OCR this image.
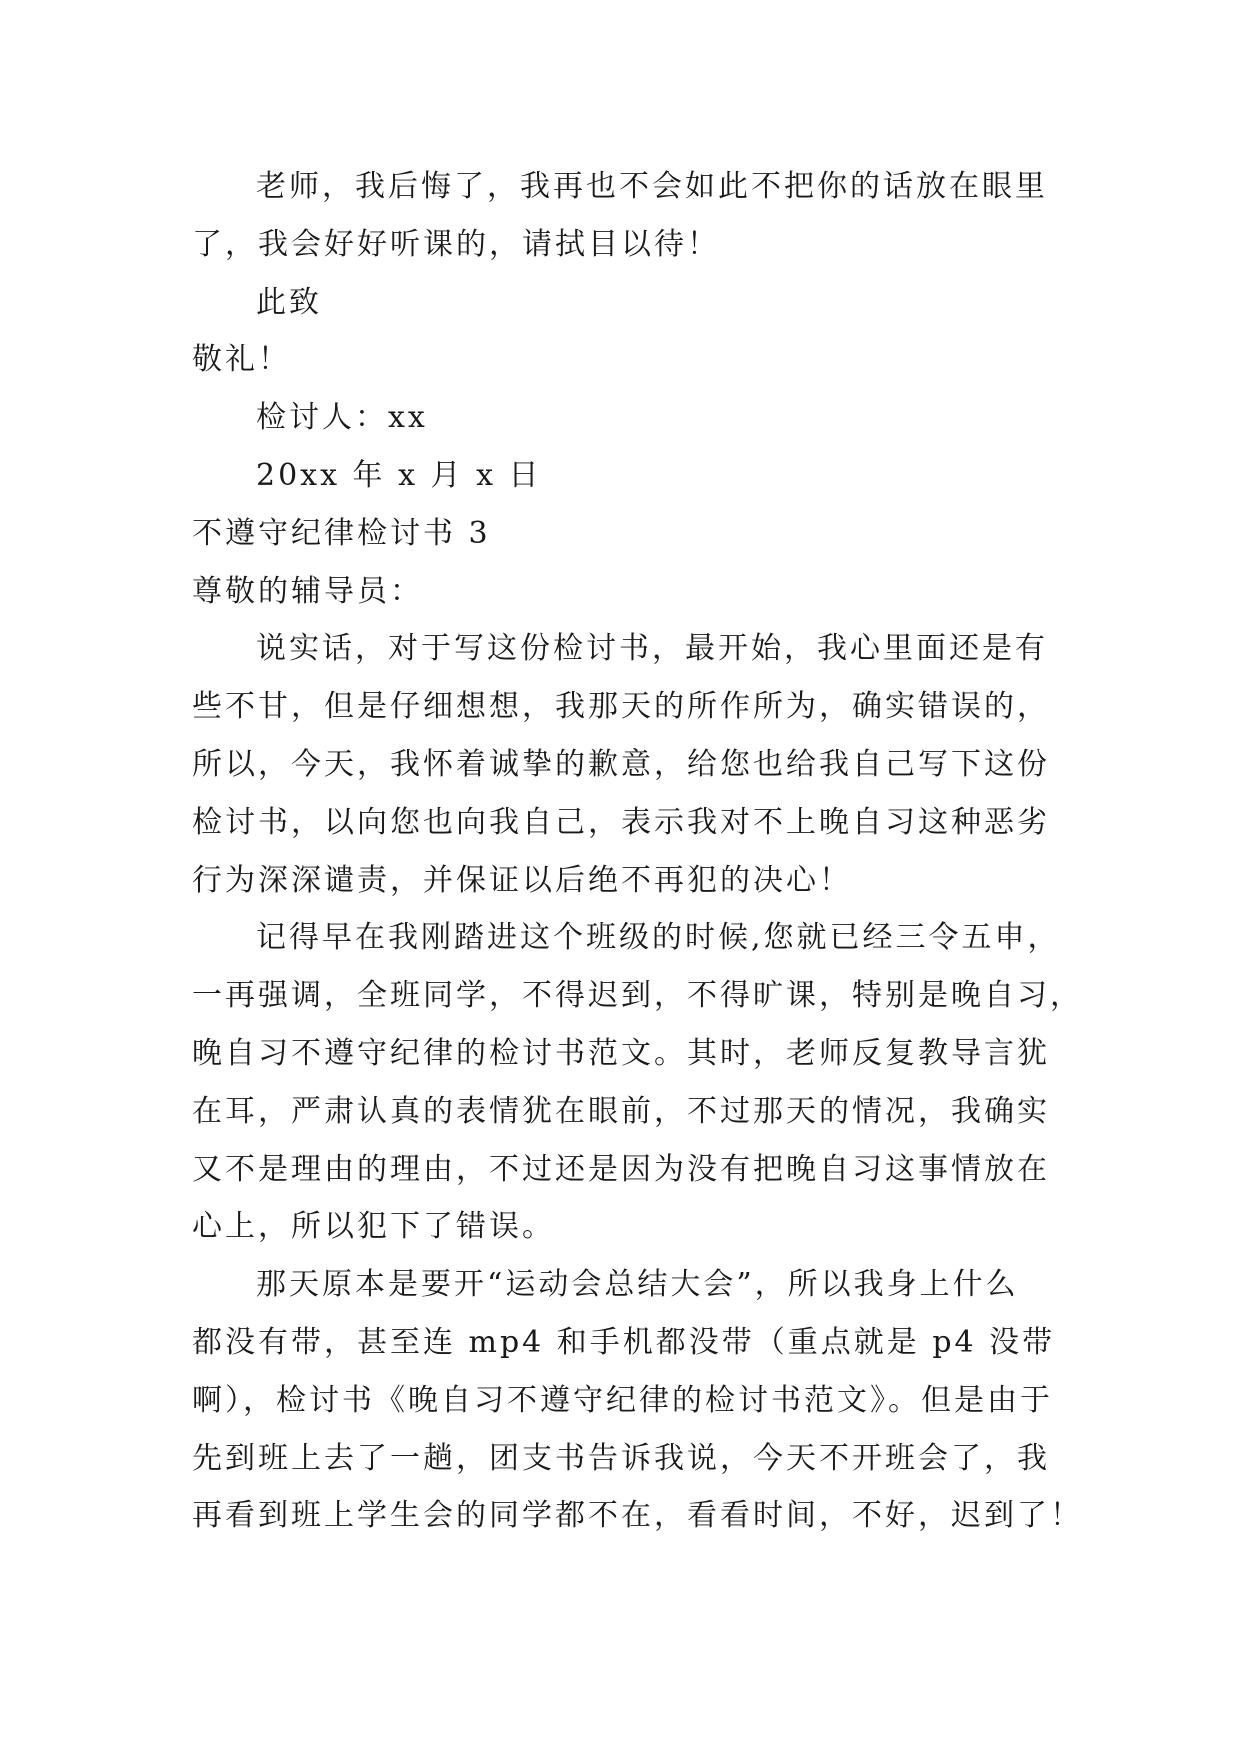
老师，我后悔了，我再也不会如此不把你的话放在眼里

了，我会好好听课的，请拭目以待！

此致

敬礼！

检讨人：xx

20xx 年 x 月 x 日

不遵守纪律检讨书 3

尊敬的辅导员：

说实话，对于写这份检讨书，最开始，我心里面还是有

些不甘，但是仔细想想，我那天的所作所为，确实错误的，

所以，今天，我怀着诚挚的歉意，给您也给我自己写下这份

检讨书，以向您也向我自己，表示我对不上晚自习这种恶劣

行为深深谴责，并保证以后绝不再犯的决心！

记得早在我刚踏进这个班级的时候,您就已经三令五申，

一再强调，全班同学，不得迟到，不得旷课，特别是晚自习，

晚自习不遵守纪律的检讨书范文。其时，老师反复教导言犹

在耳，严肃认真的表情犹在眼前，不过那天的情况，我确实

又不是理由的理由，不过还是因为没有把晚自习这事情放在

心上，所以犯下了错误。

那天原本是要开“运动会总结大会”，所以我身上什么

都没有带，甚至连 mp4 和手机都没带（重点就是 p4 没带

啊），检讨书《晚自习不遵守纪律的检讨书范文》。但是由于

先到班上去了一趟，团支书告诉我说，今天不开班会了，我

再看到班上学生会的同学都不在，看看时间，不好，迟到了！
